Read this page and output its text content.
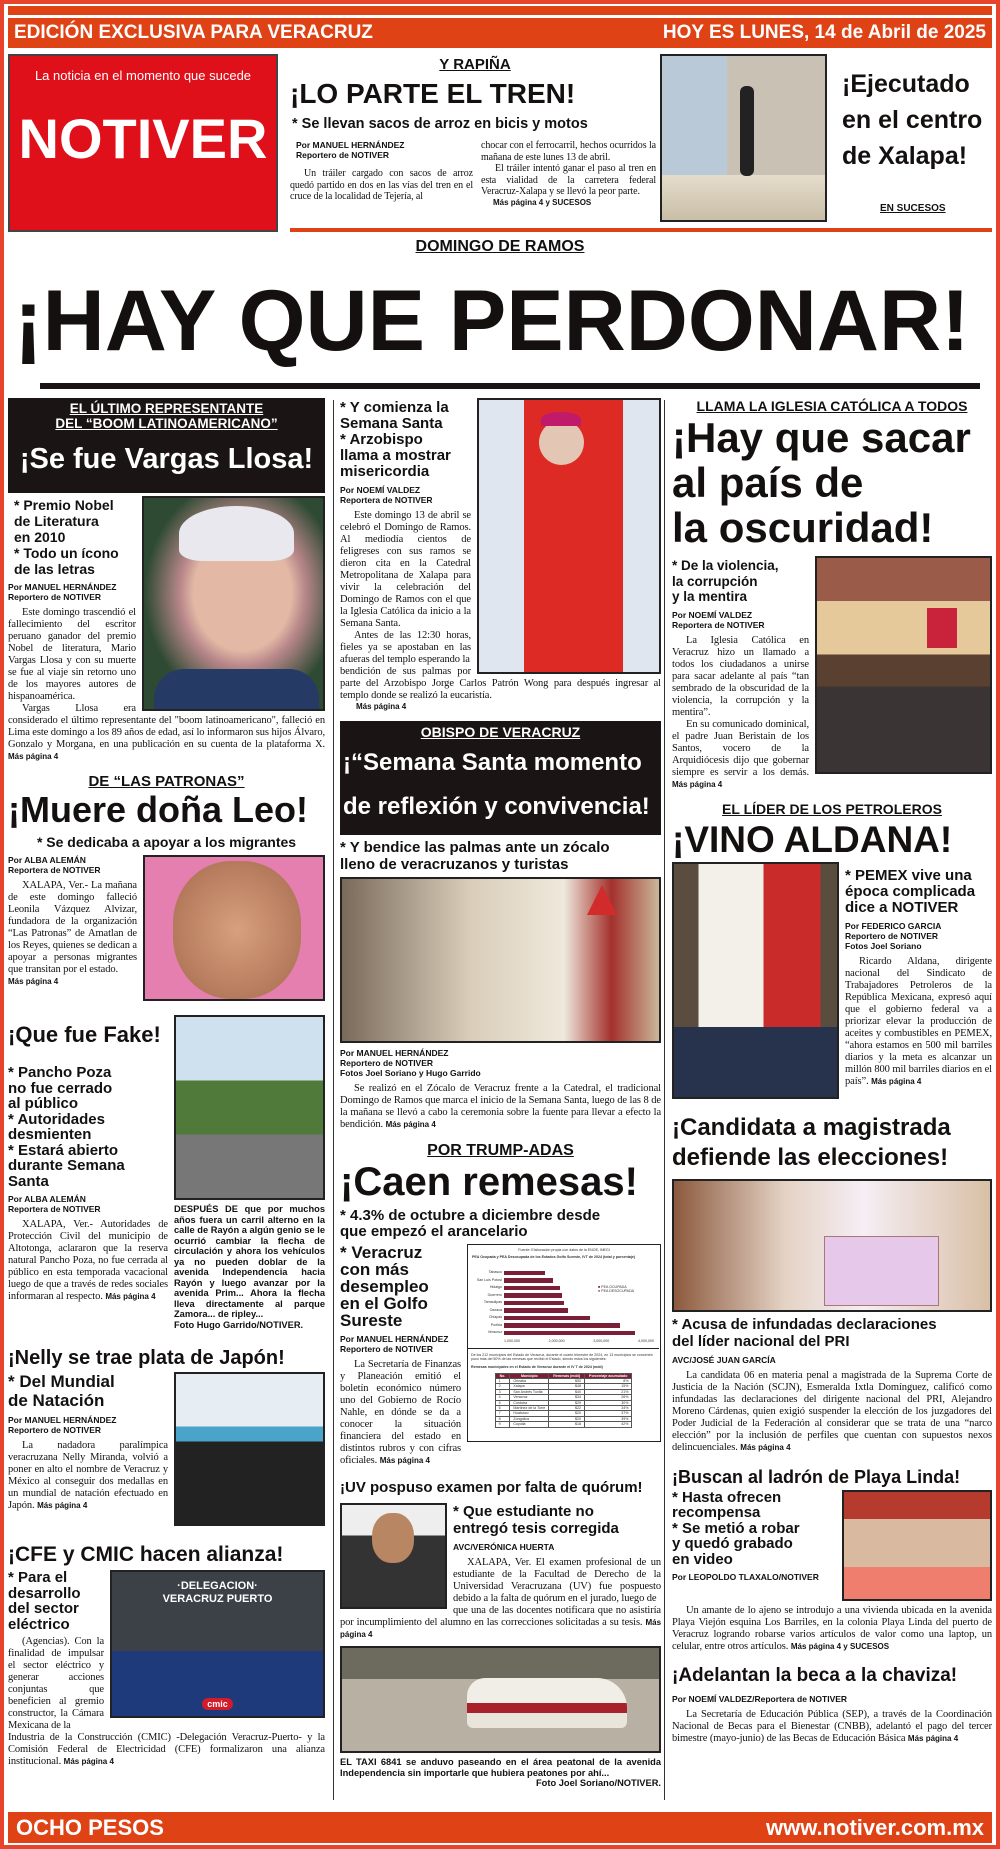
EDICIÓN EXCLUSIVA PARA VERACRUZ	HOY ES LUNES, 14 de Abril de 2025
La noticia en el momento que sucede
NOTIVER
Y RAPIÑA
¡LO PARTE EL TREN!
* Se llevan sacos de arroz en bicis y motos
Por MANUEL HERNÁNDEZ
Reportero de NOTIVER
Un tráiler cargado con sacos de arroz quedó partido en dos en las vías del tren en el cruce de la localidad de Tejería, al
chocar con el ferrocarril, hechos ocurridos la mañana de este lunes 13 de abril.
El tráiler intentó ganar el paso al tren en esta vialidad de la carretera federal Veracruz-Xalapa y se llevó la peor parte.
Más página 4 y SUCESOS
¡Ejecutado
en el centro
de Xalapa!
EN SUCESOS
DOMINGO DE RAMOS
¡HAY QUE PERDONAR!
EL ÚLTIMO REPRESENTANTE
DEL “BOOM LATINOAMERICANO”
¡Se fue Vargas Llosa!
* Premio Nobel
de Literatura
en 2010
* Todo un ícono
de las letras
Por MANUEL HERNÁNDEZ
Reportero de NOTIVER
Este domingo trascendió el fallecimiento del escritor peruano ganador del premio Nobel de literatura, Mario Vargas Llosa y con su muerte se fue al viaje sin retorno uno de los mayores autores de hispanoamérica.
Vargas Llosa era considerado el último representante del "boom latinoamericano", falleció en Lima este domingo a los 89 años de edad, así lo informaron sus hijos Álvaro, Gonzalo y Morgana, en una publicación en su cuenta de la plataforma X. Más página 4
DE “LAS PATRONAS”
¡Muere doña Leo!
* Se dedicaba a apoyar a los migrantes
Por ALBA ALEMÁN
Reportera de NOTIVER
XALAPA, Ver.- La mañana de este domingo falleció Leonila Vázquez Alvizar, fundadora de la organización “Las Patronas” de Amatlan de los Reyes, quienes se dedican a apoyar a personas migrantes que transitan por el estado.
Más página 4
DESPUÉS DE que por muchos años fuera un carril alterno en la calle de Rayón a algún genio se le ocurrió cambiar la flecha de circulación y ahora los vehículos ya no pueden doblar de la avenida Independencia hacia Rayón y luego avanzar por la avenida Prim... Ahora la flecha lleva directamente al parque Zamora... de ripley...
Foto Hugo Garrido/NOTIVER.
¡Que fue Fake!
* Pancho Poza
no fue cerrado
al público
* Autoridades
desmienten
* Estará abierto
durante Semana
Santa
Por ALBA ALEMÁN
Reportera de NOTIVER
XALAPA, Ver.- Autoridades de Protección Civil del municipio de Altotonga, aclararon que la reserva natural Pancho Poza, no fue cerrada al público en esta temporada vacacional luego de que a través de redes sociales informaran al respecto. Más página 4
¡Nelly se trae plata de Japón!
* Del Mundial
de Natación
Por MANUEL HERNÁNDEZ
Reportero de NOTIVER
La nadadora paralímpica veracruzana Nelly Miranda, volvió a poner en alto el nombre de Veracruz y México al conseguir dos medallas en un mundial de natación efectuado en Japón. Más página 4
¡CFE y CMIC hacen alianza!
·DELEGACION·
VERACRUZ PUERTO
cmic
* Para el
desarrollo
del sector
eléctrico
(Agencias). Con la finalidad de impulsar el sector eléctrico y generar acciones conjuntas que beneficien al gremio constructor, la Cámara Mexicana de la
Industria de la Construcción (CMIC) -Delegación Veracruz-Puerto- y la Comisión Federal de Electricidad (CFE) formalizaron una alianza institucional. Más página 4
* Y comienza la
Semana Santa
* Arzobispo
llama a mostrar
misericordia
Por NOEMÍ VALDEZ
Reportera de NOTIVER
Este domingo 13 de abril se celebró el Domingo de Ramos. Al mediodía cientos de feligreses con sus ramos se dieron cita en la Catedral Metropolitana de Xalapa para vivir la celebración del Domingo de Ramos con el que la Iglesia Católica da inicio a la Semana Santa.
Antes de las 12:30 horas, fieles ya se apostaban en las afueras del templo esperando la
bendición de sus palmas por parte del Arzobispo Jorge Carlos Patrón Wong para después ingresar al templo donde se realizó la eucaristía.
Más página 4
OBISPO DE VERACRUZ
¡“Semana Santa momento
de reflexión y convivencia!
* Y bendice las palmas ante un zócalo
lleno de veracruzanos y turistas
Por MANUEL HERNÁNDEZ
Reportero de NOTIVER
Fotos Joel Soriano y Hugo Garrido
Se realizó en el Zócalo de Veracruz frente a la Catedral, el tradicional Domingo de Ramos que marca el inicio de la Semana Santa, luego de las 8 de la mañana se llevó a cabo la ceremonia sobre la fuente para llevar a efecto la bendición. Más página 4
POR TRUMP-ADAS
¡Caen remesas!
* 4.3% de octubre a diciembre desde
que empezó el arancelario
Fuente: Elaboración propia con datos de la ENOE, INEGI
PEA Ocupada y PEA Desocupada de los Estados Golfo Sureste, IVT de 2024 (total y porcentaje)
Tabasco
San Luis Potosí
Hidalgo
Guerrero
Tamaulipas
Oaxaca
Chiapas
Puebla
Veracruz
■ PEA OCUPADA
■ PEA DESOCUPADA
1,000,000	2,000,000	3,000,000	4,000,000
De los 212 municipios del Estado de Veracruz, durante el cuarto trimestre de 2024, en 13 municipios se concentró poco más del 50% de las remesas que recibió el Estado, siendo estos los siguientes:
Remesas municipales en el Estado de Veracruz durante el IV T de 2024 (mdd)
No.	Municipio	Remesas (mdd)	Porcentaje acumulado
1	Orizaba	$50	8%
2	Xalapa	$48	15%
3	San Andrés Tuxtla	$40	21%
4	Veracruz	$34	26%
5	Córdoba	$29	30%
6	Martínez de la Torre	$22	34%
7	Huatusco	$20	37%
8	Zongolica	$20	39%
9	Coyutla	$18	42%
* Veracruz
con más
desempleo
en el Golfo
Sureste
Por MANUEL HERNÁNDEZ
Reportero de NOTIVER
La Secretaría de Finanzas y Planeación emitió el boletín económico número uno del Gobierno de Rocío Nahle, en dónde se da a conocer la situación financiera del estado en distintos rubros y con cifras oficiales. Más página 4
¡UV pospuso examen por falta de quórum!
* Que estudiante no
entregó tesis corregida
AVC/VERÓNICA HUERTA
XALAPA, Ver. El examen profesional de un estudiante de la Facultad de Derecho de la Universidad Veracruzana (UV) fue pospuesto debido a la falta de quórum en el jurado, luego de
que una de las docentes notificara que no asistiría por incumplimiento del alumno en las correcciones solicitadas a su tesis. Más página 4
EL TAXI 6841 se anduvo paseando en el área peatonal de la avenida Independencia sin importarle que hubiera peatones por ahí...
Foto Joel Soriano/NOTIVER.
LLAMA LA IGLESIA CATÓLICA A TODOS
¡Hay que sacar
al país de
la oscuridad!
* De la violencia,
la corrupción
y la mentira
Por NOEMÍ VALDEZ
Reportera de NOTIVER
La Iglesia Católica en Veracruz hizo un llamado a todos los ciudadanos a unirse para sacar adelante al país “tan sembrado de la obscuridad de la violencia, la corrupción y la mentira”.
En su comunicado dominical, el padre Juan Beristain de los Santos, vocero de la Arquidiócesis dijo que gobernar siempre es servir a los demás. Más página 4
EL LÍDER DE LOS PETROLEROS
¡VINO ALDANA!
* PEMEX vive una
época complicada
dice a NOTIVER
Por FEDERICO GARCIA
Reportero de NOTIVER
Fotos Joel Soriano
Ricardo Aldana, dirigente nacional del Sindicato de Trabajadores Petroleros de la República Mexicana, expresó aquí que el gobierno federal va a priorizar elevar la producción de aceites y combustibles en PEMEX, “ahora estamos en 500 mil barriles diarios y la meta es alcanzar un millón 800 mil barriles diarios en el país”. Más página 4
¡Candidata a magistrada
defiende las elecciones!
* Acusa de infundadas declaraciones
del líder nacional del PRI
AVC/JOSÉ JUAN GARCÍA
La candidata 06 en materia penal a magistrada de la Suprema Corte de Justicia de la Nación (SCJN), Esmeralda Ixtla Domínguez, calificó como infundadas las declaraciones del dirigente nacional del PRI, Alejandro Moreno Cárdenas, quien exigió suspender la elección de los juzgadores del Poder Judicial de la Federación al considerar que se trata de una “narco elección” por la inclusión de perfiles que cuentan con supuestos nexos delincuenciales. Más página 4
¡Buscan al ladrón de Playa Linda!
* Hasta ofrecen
recompensa
* Se metió a robar
y quedó grabado
en video
Por LEOPOLDO TLAXALO/NOTIVER
Un amante de lo ajeno se introdujo a una vivienda ubicada en la avenida Playa Viejón esquina Los Barriles, en la colonia Playa Linda del puerto de Veracruz logrando robarse varios artículos de valor como una laptop, un celular, entre otros artículos. Más página 4 y SUCESOS
¡Adelantan la beca a la chaviza!
Por NOEMÍ VALDEZ/Reportera de NOTIVER
La Secretaría de Educación Pública (SEP), a través de la Coordinación Nacional de Becas para el Bienestar (CNBB), adelantó el pago del tercer bimestre (mayo-junio) de las Becas de Educación Básica Más página 4
OCHO PESOS	www.notiver.com.mx
